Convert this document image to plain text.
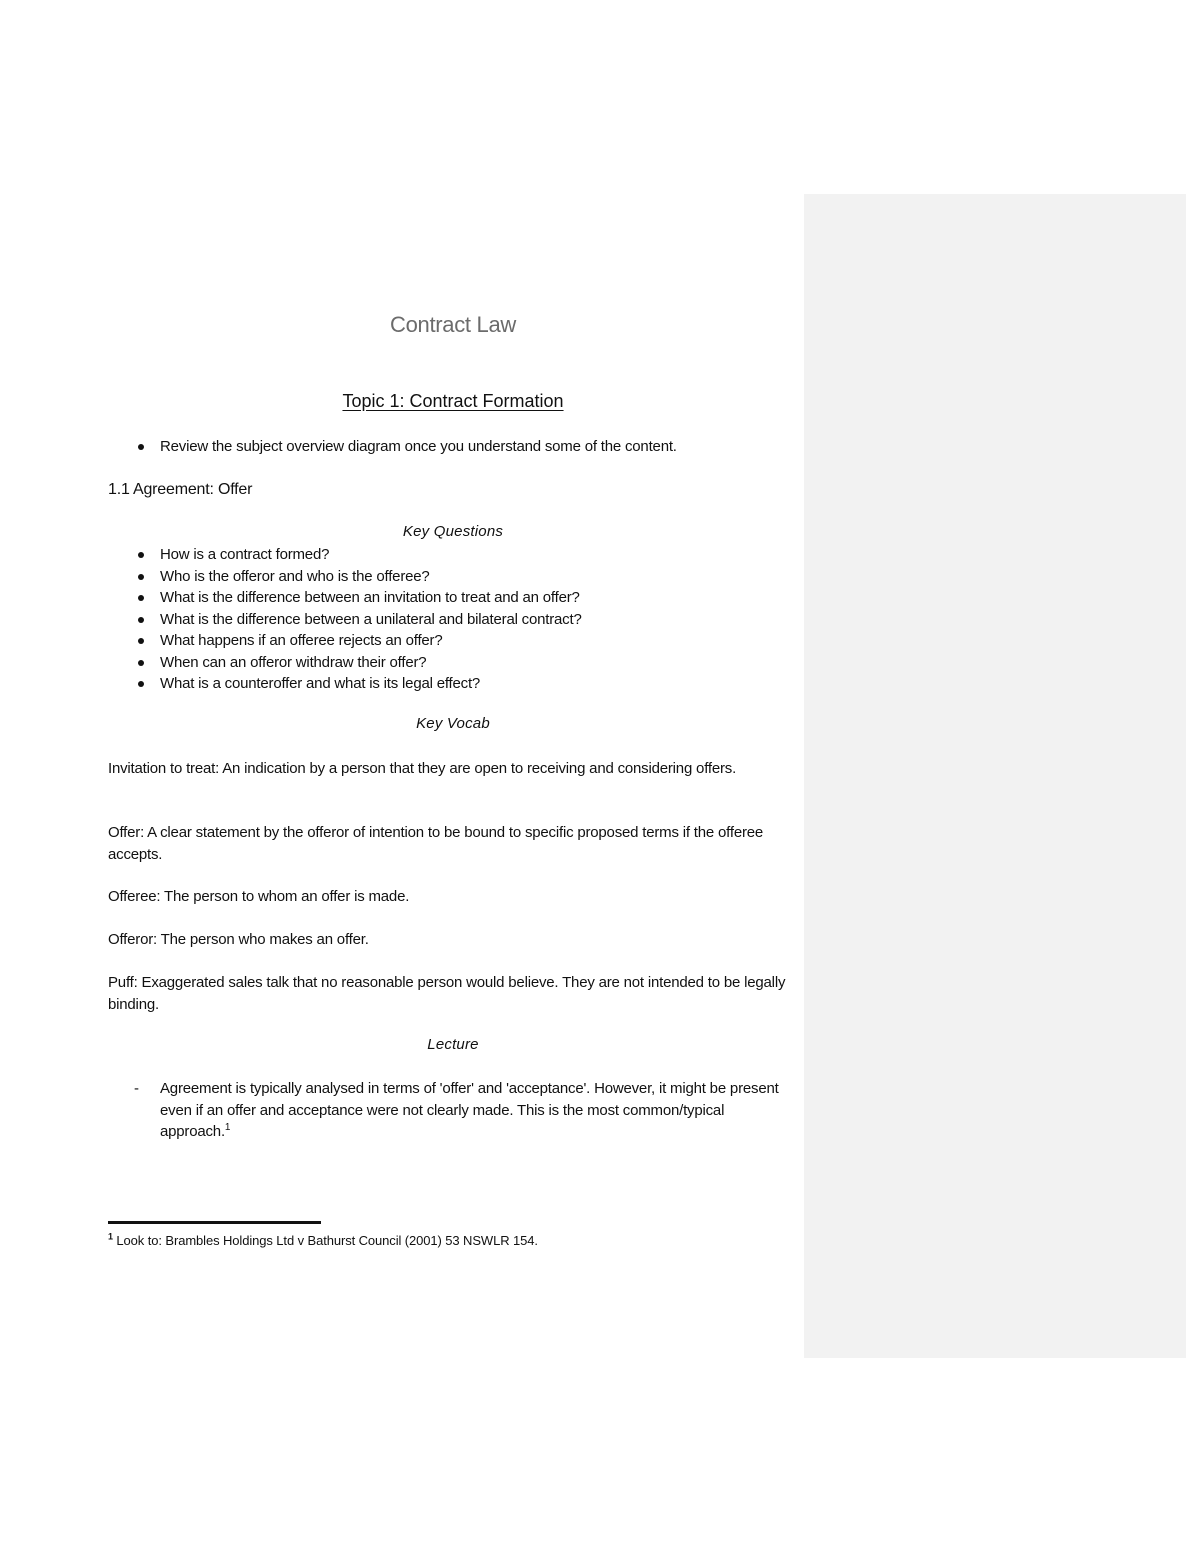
Contract Law
Topic 1: Contract Formation
Review the subject overview diagram once you understand some of the content.
1.1 Agreement: Offer
Key Questions
How is a contract formed?
Who is the offeror and who is the offeree?
What is the difference between an invitation to treat and an offer?
What is the difference between a unilateral and bilateral contract?
What happens if an offeree rejects an offer?
When can an offeror withdraw their offer?
What is a counteroffer and what is its legal effect?
Key Vocab

Invitation to treat: An indication by a person that they are open to receiving and considering offers.

Offer: A clear statement by the offeror of intention to be bound to specific proposed terms if the offeree accepts.

Offeree: The person to whom an offer is made.

Offeror: The person who makes an offer.

Puff: Exaggerated sales talk that no reasonable person would believe. They are not intended to be legally binding.

Lecture
-	Agreement is typically analysed in terms of 'offer' and 'acceptance'. However, it might be present even if an offer and acceptance were not clearly made. This is the most common/typical approach.$^1$
$^1$ Look to: Brambles Holdings Ltd v Bathurst Council (2001) 53 NSWLR 154.
